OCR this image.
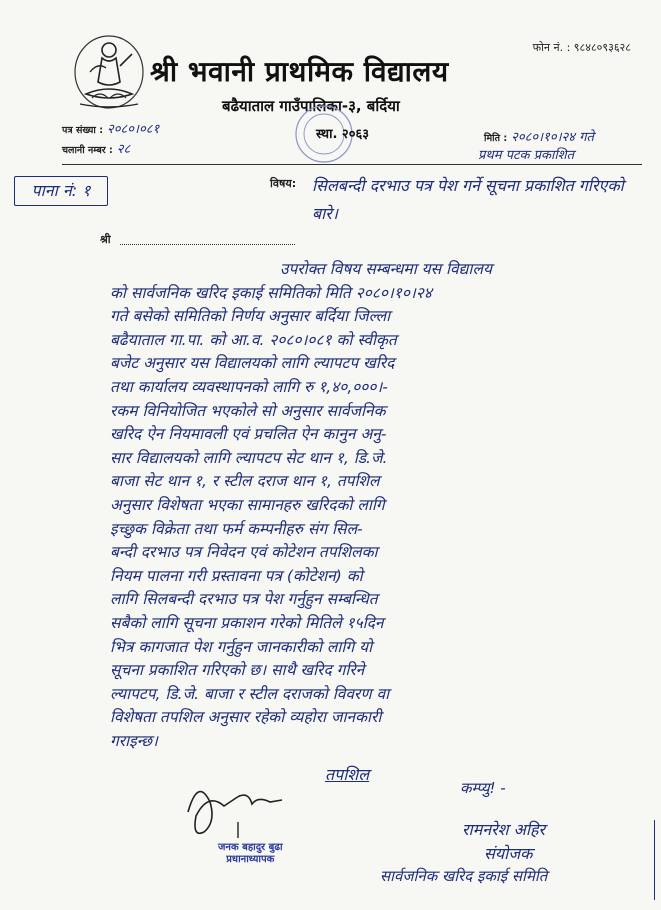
फोन नं. : ९८४८०९३६२८
श्री भवानी प्राथमिक विद्यालय
बढैयाताल गाउँपालिका-३, बर्दिया
स्था. २०६३
पत्र संख्या : २०८०।०८१
चलानी नम्बर : २८
मिति : २०८०।१०।२४ गते
प्रथम पटक प्रकाशित
पाना नं: १	विषय: सिलबन्दी दरभाउ पत्र पेश गर्ने सूचना प्रकाशित गरिएको बारे।
श्री
उपरोक्त विषय सम्बन्धमा यस विद्यालय
को सार्वजनिक खरिद इकाई समितिको मिति २०८०।१०।२४
गते बसेको समितिको निर्णय अनुसार बर्दिया जिल्ला
बढैयाताल गा.पा. को आ.व. २०८०।०८१ को स्वीकृत
बजेट अनुसार यस विद्यालयको लागि ल्यापटप खरिद
तथा कार्यालय व्यवस्थापनको लागि रु १,४०,०००।-
रकम विनियोजित भएकोले सो अनुसार सार्वजनिक
खरिद ऐन नियमावली एवं प्रचलित ऐन कानुन अनु-
सार विद्यालयको लागि ल्यापटप सेट थान १, डि.जे.
बाजा सेट थान १, र स्टील दराज थान १, तपशिल
अनुसार विशेषता भएका सामानहरु खरिदको लागि
इच्छुक विक्रेता तथा फर्म कम्पनीहरु संग सिल-
बन्दी दरभाउ पत्र निवेदन एवं कोटेशन तपशिलका
नियम पालना गरी प्रस्तावना पत्र (कोटेशन) को
लागि सिलबन्दी दरभाउ पत्र पेश गर्नुहुन सम्बन्धित
सबैको लागि सूचना प्रकाशन गरेको मितिले १५दिन
भित्र कागजात पेश गर्नुहुन जानकारीको लागि यो
सूचना प्रकाशित गरिएको छ। साथै खरिद गरिने
ल्यापटप, डि.जे. बाजा र स्टील दराजको विवरण वा
विशेषता तपशिल अनुसार रहेको व्यहोरा जानकारी
गराइन्छ।
तपशिल
कम्प्यु! -
जनक बहादुर बुढा
प्रधानाध्यापक
रामनरेश अहिर
संयोजक
सार्वजनिक खरिद इकाई समिति
